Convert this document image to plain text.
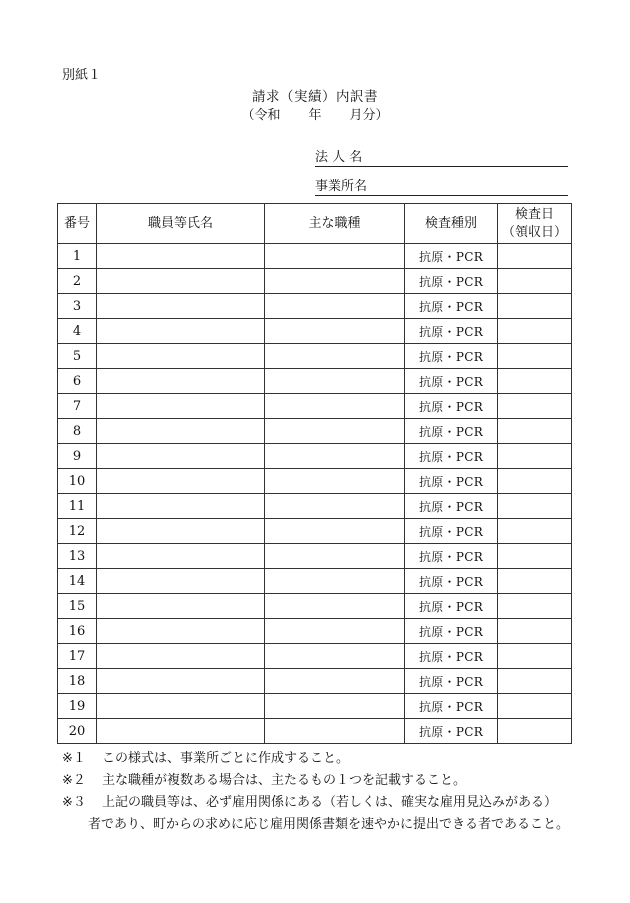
別紙１
請求（実績）内訳書
（令和 年 月分）
法 人 名
事業所名
番号	職員等氏名	主な職種	検査種別	検査日
（領収日）
1			抗原・PCR	
2			抗原・PCR	
3			抗原・PCR	
4			抗原・PCR	
5			抗原・PCR	
6			抗原・PCR	
7			抗原・PCR	
8			抗原・PCR	
9			抗原・PCR	
10			抗原・PCR	
11			抗原・PCR	
12			抗原・PCR	
13			抗原・PCR	
14			抗原・PCR	
15			抗原・PCR	
16			抗原・PCR	
17			抗原・PCR	
18			抗原・PCR	
19			抗原・PCR	
20			抗原・PCR	
※１	この様式は、事業所ごとに作成すること。
※２	主な職種が複数ある場合は、主たるもの１つを記載すること。
※３	上記の職員等は、必ず雇用関係にある（若しくは、確実な雇用見込みがある）
者であり、町からの求めに応じ雇用関係書類を速やかに提出できる者であること。
